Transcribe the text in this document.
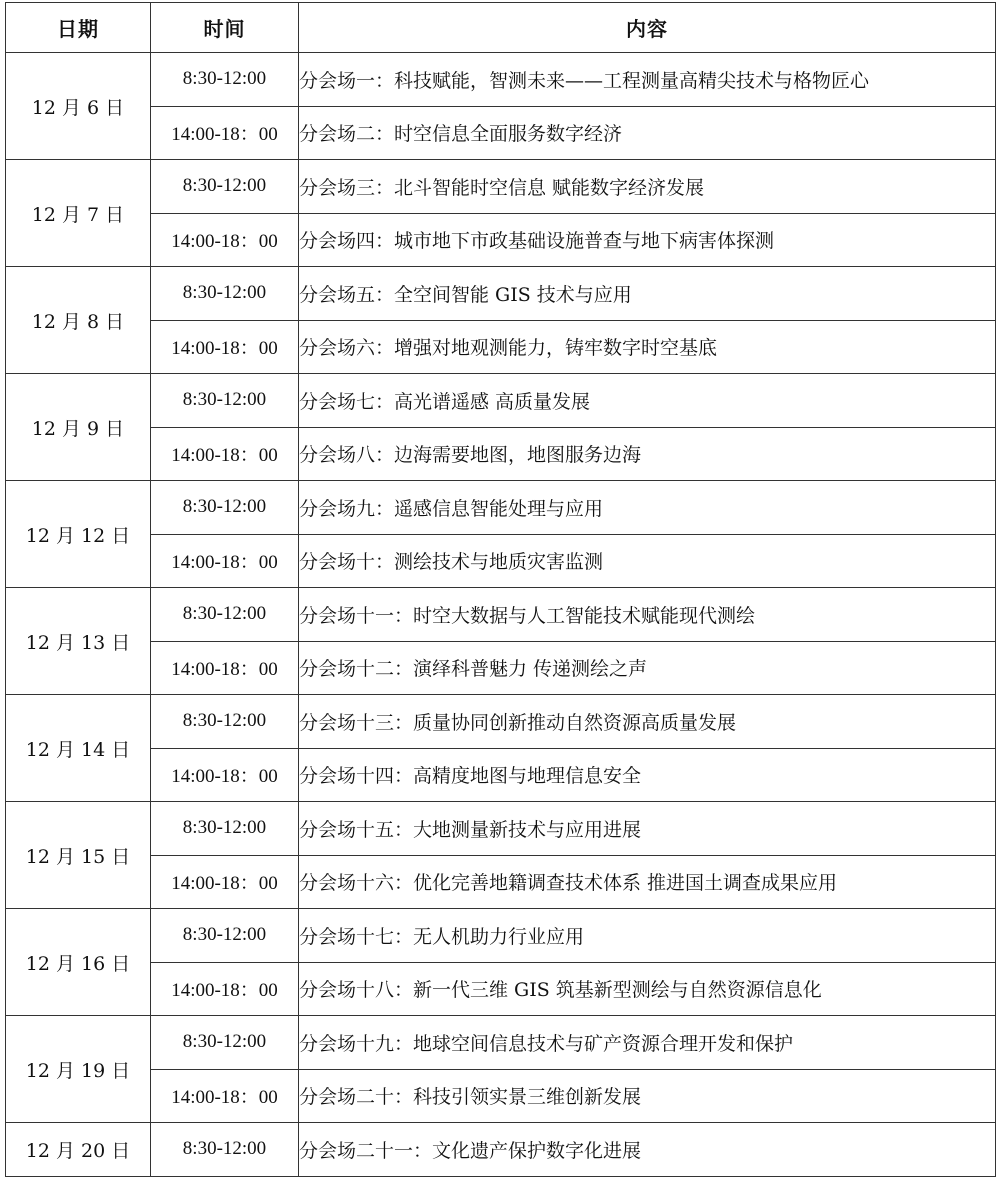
日期	时间	内容
12 月 6 日	8:30-12:00	分会场一：科技赋能，智测未来——工程测量高精尖技术与格物匠心
	14:00-18：00	分会场二：时空信息全面服务数字经济
12 月 7 日	8:30-12:00	分会场三：北斗智能时空信息 赋能数字经济发展
	14:00-18：00	分会场四：城市地下市政基础设施普查与地下病害体探测
12 月 8 日	8:30-12:00	分会场五：全空间智能 GIS 技术与应用
	14:00-18：00	分会场六：增强对地观测能力，铸牢数字时空基底
12 月 9 日	8:30-12:00	分会场七：高光谱遥感 高质量发展
	14:00-18：00	分会场八：边海需要地图，地图服务边海
12 月 12 日	8:30-12:00	分会场九：遥感信息智能处理与应用
	14:00-18：00	分会场十：测绘技术与地质灾害监测
12 月 13 日	8:30-12:00	分会场十一：时空大数据与人工智能技术赋能现代测绘
	14:00-18：00	分会场十二：演绎科普魅力 传递测绘之声
12 月 14 日	8:30-12:00	分会场十三：质量协同创新推动自然资源高质量发展
	14:00-18：00	分会场十四：高精度地图与地理信息安全
12 月 15 日	8:30-12:00	分会场十五：大地测量新技术与应用进展
	14:00-18：00	分会场十六：优化完善地籍调查技术体系 推进国土调查成果应用
12 月 16 日	8:30-12:00	分会场十七：无人机助力行业应用
	14:00-18：00	分会场十八：新一代三维 GIS 筑基新型测绘与自然资源信息化
12 月 19 日	8:30-12:00	分会场十九：地球空间信息技术与矿产资源合理开发和保护
	14:00-18：00	分会场二十：科技引领实景三维创新发展
12 月 20 日	8:30-12:00	分会场二十一：文化遗产保护数字化进展
